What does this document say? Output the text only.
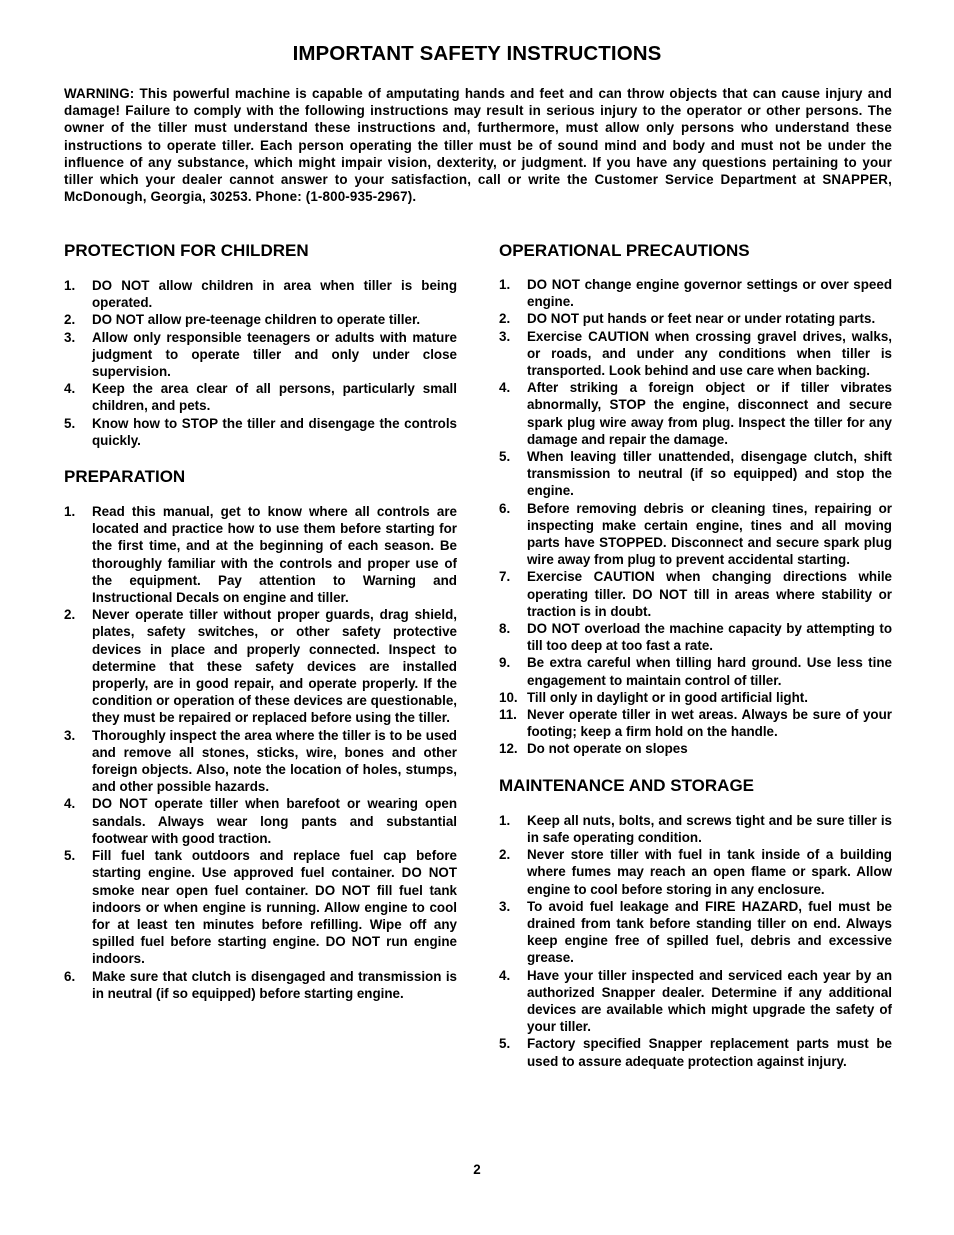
IMPORTANT SAFETY INSTRUCTIONS
WARNING: This powerful machine is capable of amputating hands and feet and can throw objects that can cause injury and damage! Failure to comply with the following instructions may result in serious injury to the operator or other persons. The owner of the tiller must understand these instructions and, furthermore, must allow only persons who understand these instructions to operate tiller. Each person operating the tiller must be of sound mind and body and must not be under the influence of any substance, which might impair vision, dexterity, or judgment. If you have any questions pertaining to your tiller which your dealer cannot answer to your satisfaction, call or write the Customer Service Department at SNAPPER, McDonough, Georgia, 30253. Phone: (1-800-935-2967).
PROTECTION FOR CHILDREN
1. DO NOT allow children in area when tiller is being operated.
2. DO NOT allow pre-teenage children to operate tiller.
3. Allow only responsible teenagers or adults with mature judgment to operate tiller and only under close supervision.
4. Keep the area clear of all persons, particularly small children, and pets.
5. Know how to STOP the tiller and disengage the controls quickly.
PREPARATION
1. Read this manual, get to know where all controls are located and practice how to use them before starting for the first time, and at the beginning of each season. Be thoroughly familiar with the controls and proper use of the equipment. Pay attention to Warning and Instructional Decals on engine and tiller.
2. Never operate tiller without proper guards, drag shield, plates, safety switches, or other safety protective devices in place and properly connected. Inspect to determine that these safety devices are installed properly, are in good repair, and operate properly. If the condition or operation of these devices are questionable, they must be repaired or replaced before using the tiller.
3. Thoroughly inspect the area where the tiller is to be used and remove all stones, sticks, wire, bones and other foreign objects. Also, note the location of holes, stumps, and other possible hazards.
4. DO NOT operate tiller when barefoot or wearing open sandals. Always wear long pants and substantial footwear with good traction.
5. Fill fuel tank outdoors and replace fuel cap before starting engine. Use approved fuel container. DO NOT smoke near open fuel container. DO NOT fill fuel tank indoors or when engine is running. Allow engine to cool for at least ten minutes before refilling. Wipe off any spilled fuel before starting engine. DO NOT run engine indoors.
6. Make sure that clutch is disengaged and transmission is in neutral (if so equipped) before starting engine.
OPERATIONAL PRECAUTIONS
1. DO NOT change engine governor settings or over speed engine.
2. DO NOT put hands or feet near or under rotating parts.
3. Exercise CAUTION when crossing gravel drives, walks, or roads, and under any conditions when tiller is transported. Look behind and use care when backing.
4. After striking a foreign object or if tiller vibrates abnormally, STOP the engine, disconnect and secure spark plug wire away from plug. Inspect the tiller for any damage and repair the damage.
5. When leaving tiller unattended, disengage clutch, shift transmission to neutral (if so equipped) and stop the engine.
6. Before removing debris or cleaning tines, repairing or inspecting make certain engine, tines and all moving parts have STOPPED. Disconnect and secure spark plug wire away from plug to prevent accidental starting.
7. Exercise CAUTION when changing directions while operating tiller. DO NOT till in areas where stability or traction is in doubt.
8. DO NOT overload the machine capacity by attempting to till too deep at too fast a rate.
9. Be extra careful when tilling hard ground. Use less tine engagement to maintain control of tiller.
10. Till only in daylight or in good artificial light.
11. Never operate tiller in wet areas. Always be sure of your footing; keep a firm hold on the handle.
12. Do not operate on slopes
MAINTENANCE AND STORAGE
1. Keep all nuts, bolts, and screws tight and be sure tiller is in safe operating condition.
2. Never store tiller with fuel in tank inside of a building where fumes may reach an open flame or spark. Allow engine to cool before storing in any enclosure.
3. To avoid fuel leakage and FIRE HAZARD, fuel must be drained from tank before standing tiller on end. Always keep engine free of spilled fuel, debris and excessive grease.
4. Have your tiller inspected and serviced each year by an authorized Snapper dealer. Determine if any additional devices are available which might upgrade the safety of your tiller.
5. Factory specified Snapper replacement parts must be used to assure adequate protection against injury.
2
